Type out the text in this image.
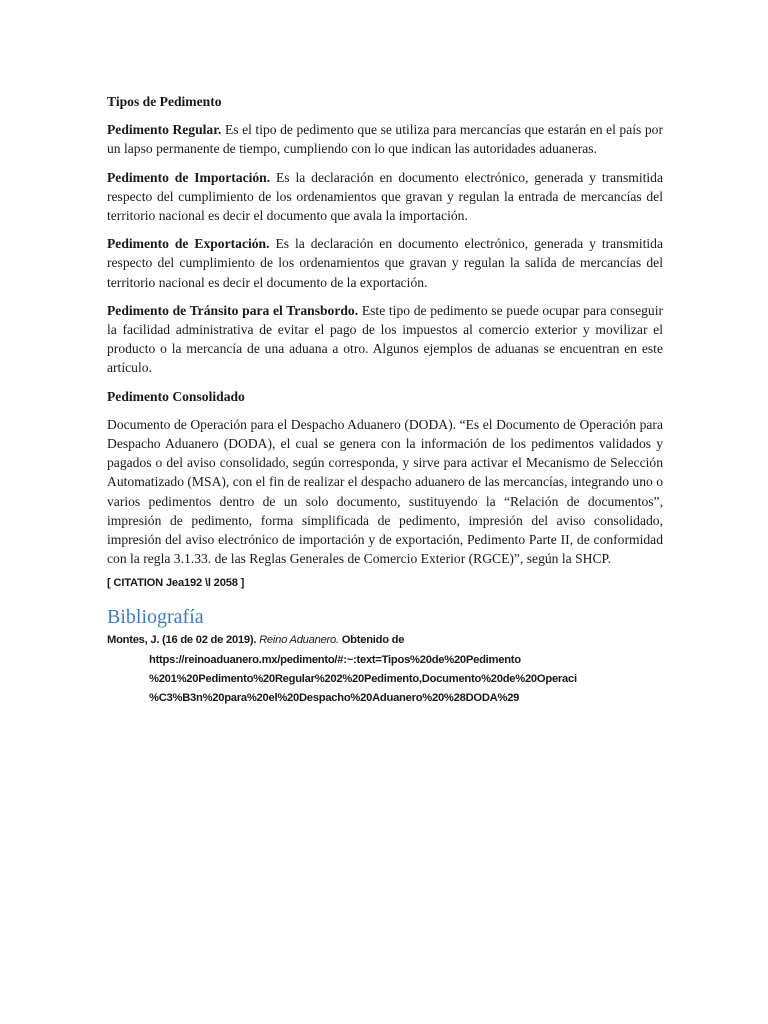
Tipos de Pedimento

Pedimento Regular. Es el tipo de pedimento que se utiliza para mercancías que estarán en el país por un lapso permanente de tiempo, cumpliendo con lo que indican las autoridades aduaneras.

Pedimento de Importación. Es la declaración en documento electrónico, generada y transmitida respecto del cumplimiento de los ordenamientos que gravan y regulan la entrada de mercancías del territorio nacional es decir el documento que avala la importación.

Pedimento de Exportación. Es la declaración en documento electrónico, generada y transmitida respecto del cumplimiento de los ordenamientos que gravan y regulan la salida de mercancías del territorio nacional es decir el documento de la exportación.

Pedimento de Tránsito para el Transbordo. Este tipo de pedimento se puede ocupar para conseguir la facilidad administrativa de evitar el pago de los impuestos al comercio exterior y movilizar el producto o la mercancía de una aduana a otro. Algunos ejemplos de aduanas se encuentran en este artículo.

Pedimento Consolidado

Documento de Operación para el Despacho Aduanero (DODA). “Es el Documento de Operación para Despacho Aduanero (DODA), el cual se genera con la información de los pedimentos validados y pagados o del aviso consolidado, según corresponda, y sirve para activar el Mecanismo de Selección Automatizado (MSA), con el fin de realizar el despacho aduanero de las mercancías, integrando uno o varios pedimentos dentro de un solo documento, sustituyendo la “Relación de documentos”, impresión de pedimento, forma simplificada de pedimento, impresión del aviso consolidado, impresión del aviso electrónico de importación y de exportación, Pedimento Parte II, de conformidad con la regla 3.1.33. de las Reglas Generales de Comercio Exterior (RGCE)”, según la SHCP.

[ CITATION Jea192 \l 2058 ]

Bibliografía

Montes, J. (16 de 02 de 2019). Reino Aduanero. Obtenido de
https://reinoaduanero.mx/pedimento/#:~:text=Tipos%20de%20Pedimento
%201%20Pedimento%20Regular%202%20Pedimento,Documento%20de%20Operaci
%C3%B3n%20para%20el%20Despacho%20Aduanero%20%28DODA%29
